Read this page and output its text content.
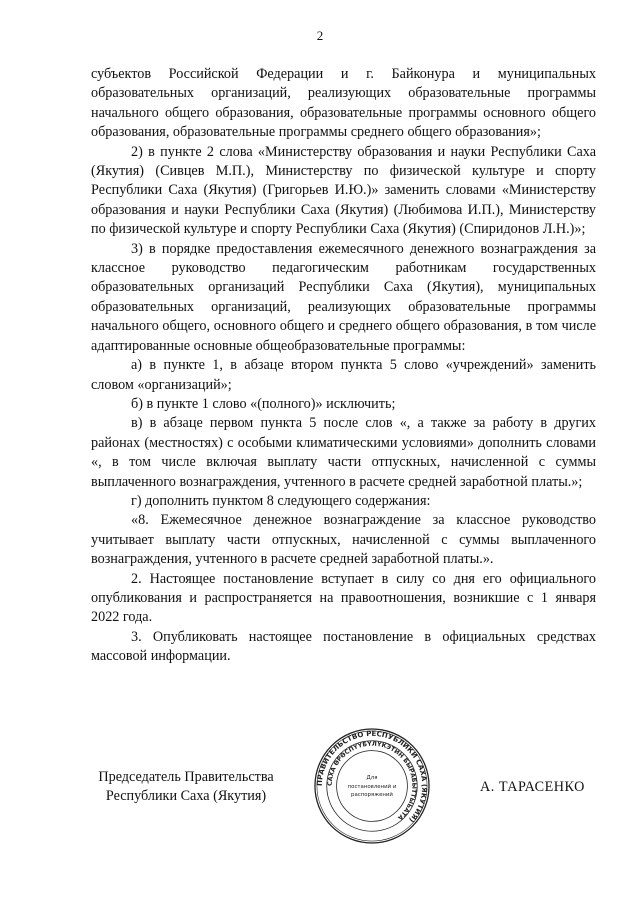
2

субъектов Российской Федерации и г. Байконура и муниципальных образовательных организаций, реализующих образовательные программы начального общего образования, образовательные программы основного общего образования, образовательные программы среднего общего образования»;

2) в пункте 2 слова «Министерству образования и науки Республики Саха (Якутия) (Сивцев М.П.), Министерству по физической культуре и спорту Республики Саха (Якутия) (Григорьев И.Ю.)» заменить словами «Министерству образования и науки Республики Саха (Якутия) (Любимова И.П.), Министерству по физической культуре и спорту Республики Саха (Якутия) (Спиридонов Л.Н.)»;

3) в порядке предоставления ежемесячного денежного вознаграждения за классное руководство педагогическим работникам государственных образовательных организаций Республики Саха (Якутия), муниципальных образовательных организаций, реализующих образовательные программы начального общего, основного общего и среднего общего образования, в том числе адаптированные основные общеобразовательные программы:

а) в пункте 1, в абзаце втором пункта 5 слово «учреждений» заменить словом «организаций»;

б) в пункте 1 слово «(полного)» исключить;

в) в абзаце первом пункта 5 после слов «, а также за работу в других районах (местностях) с особыми климатическими условиями» дополнить словами «, в том числе включая выплату части отпускных, начисленной с суммы выплаченного вознаграждения, учтенного в расчете средней заработной платы.»;

г) дополнить пунктом 8 следующего содержания:

«8. Ежемесячное денежное вознаграждение за классное руководство учитывает выплату части отпускных, начисленной с суммы выплаченного вознаграждения, учтенного в расчете средней заработной платы.».

2. Настоящее постановление вступает в силу со дня его официального опубликования и распространяется на правоотношения, возникшие с 1 января 2022 года.

3. Опубликовать настоящее постановление в официальных средствах массовой информации.

Председатель Правительства
Республики Саха (Якутия)
А. ТАРАСЕНКО
ПРАВИТЕЛЬСТВО РЕСПУБЛИКИ САХА (ЯКУТИЯ)
САХА ӨРӨСПҮҮБҮЛҮКЭТИН БЫРАБЫТТЫЬАТА
Для
постановлений и
распоряжений
